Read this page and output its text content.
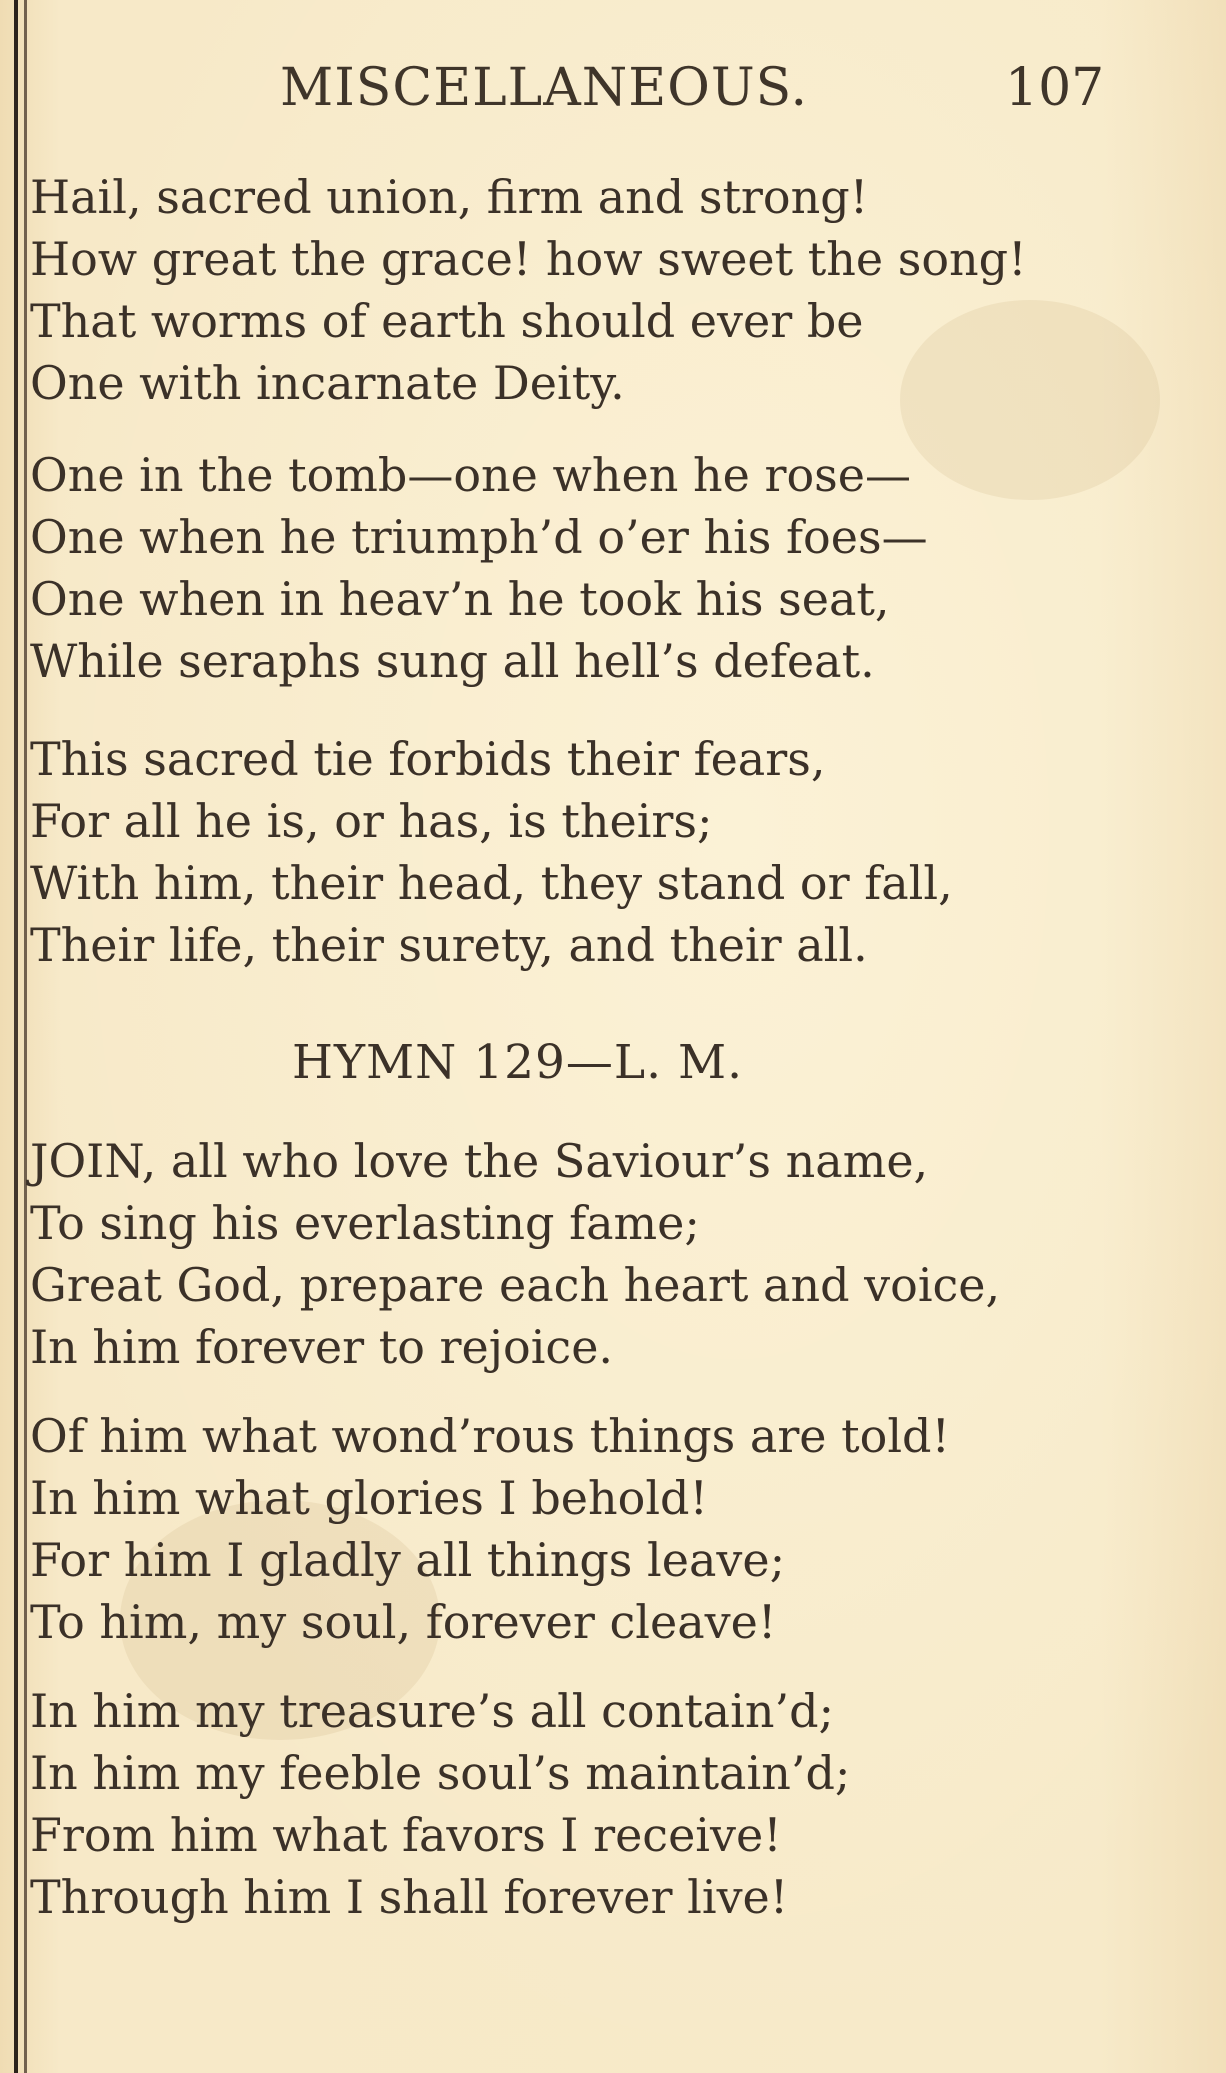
MISCELLANEOUS.	107
Hail, sacred union, firm and strong!
How great the grace! how sweet the song!
That worms of earth should ever be
One with incarnate Deity.
One in the tomb—one when he rose—
One when he triumph’d o’er his foes—
One when in heav’n he took his seat,
While seraphs sung all hell’s defeat.
This sacred tie forbids their fears,
For all he is, or has, is theirs;
With him, their head, they stand or fall,
Their life, their surety, and their all.
HYMN 129—L. M.
JOIN, all who love the Saviour’s name,
To sing his everlasting fame;
Great God, prepare each heart and voice,
In him forever to rejoice.
Of him what wond’rous things are told!
In him what glories I behold!
For him I gladly all things leave;
To him, my soul, forever cleave!
In him my treasure’s all contain’d;
In him my feeble soul’s maintain’d;
From him what favors I receive!
Through him I shall forever live!
